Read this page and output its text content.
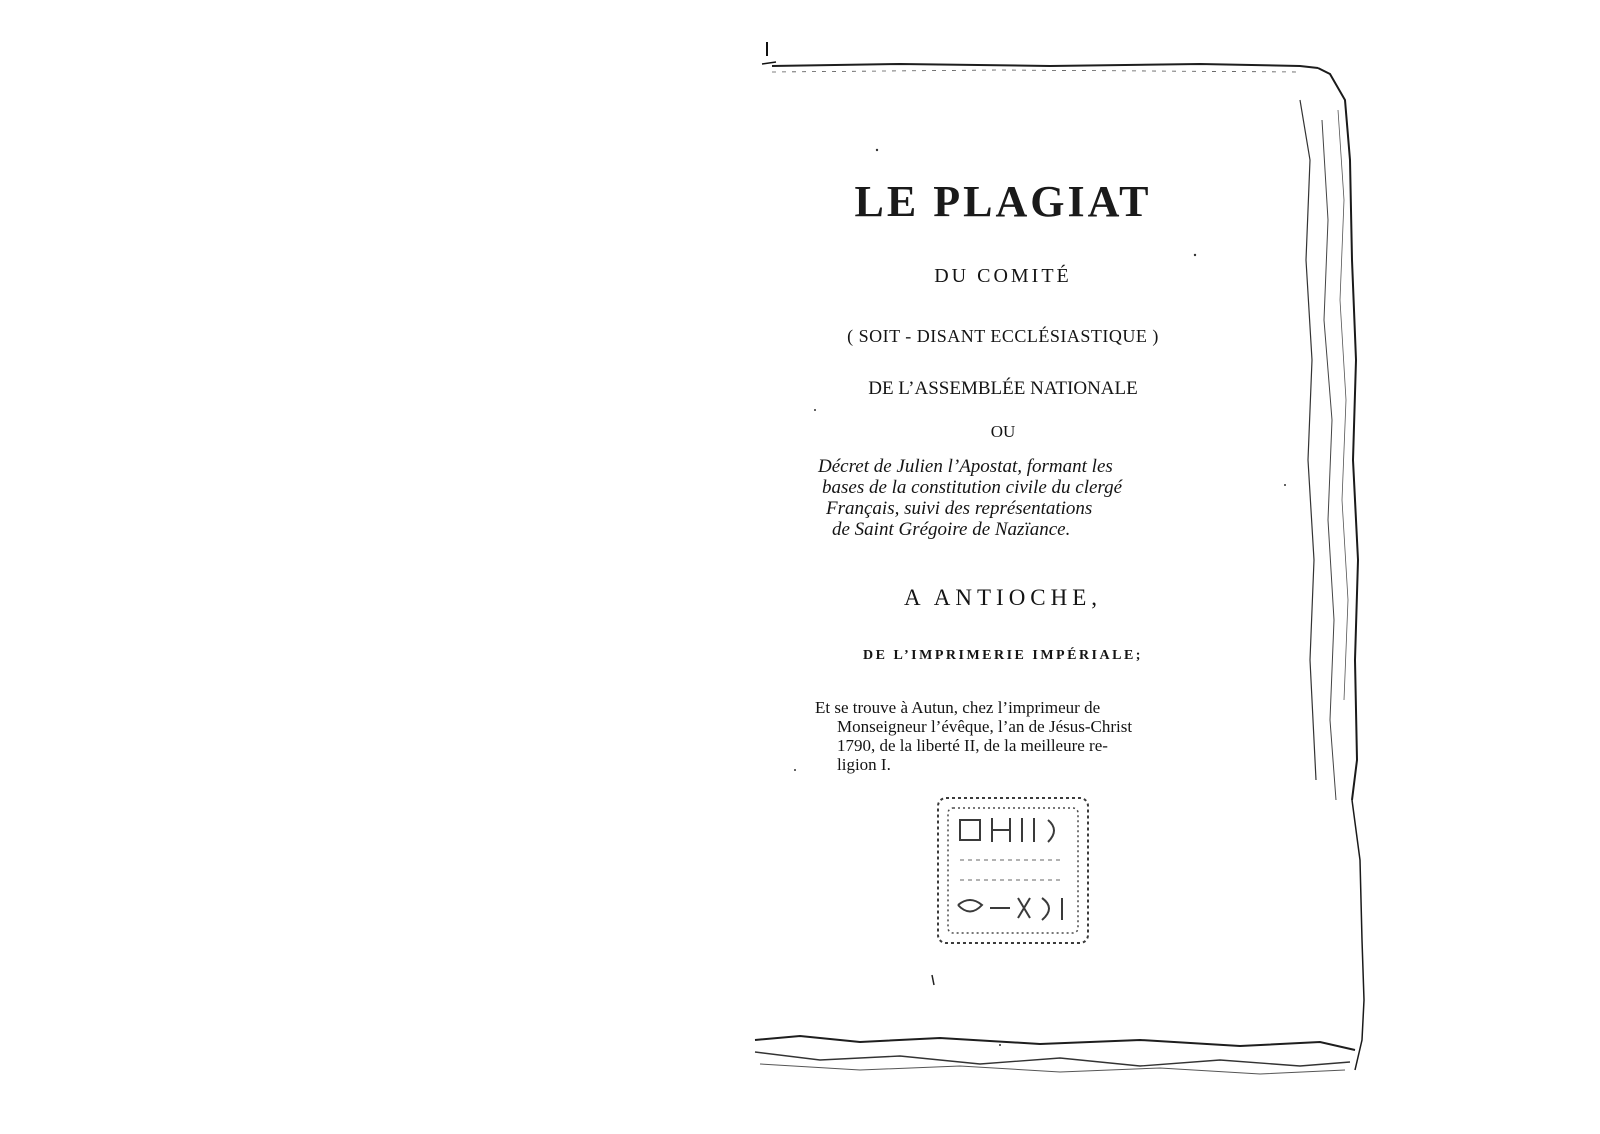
LE PLAGIAT
DU COMITÉ
( SOIT - DISANT ECCLÉSIASTIQUE )
DE L’ASSEMBLÉE NATIONALE
OU
Décret de Julien l’Apostat, formant les
bases de la constitution civile du clergé
Français, suivi des représentations
de Saint Grégoire de Nazïance.
A ANTIOCHE,
DE L’IMPRIMERIE IMPÉRIALE;
Et se trouve à Autun, chez l’imprimeur de
Monseigneur l’évêque, l’an de Jésus-Christ
1790, de la liberté II, de la meilleure re-
ligion I.
